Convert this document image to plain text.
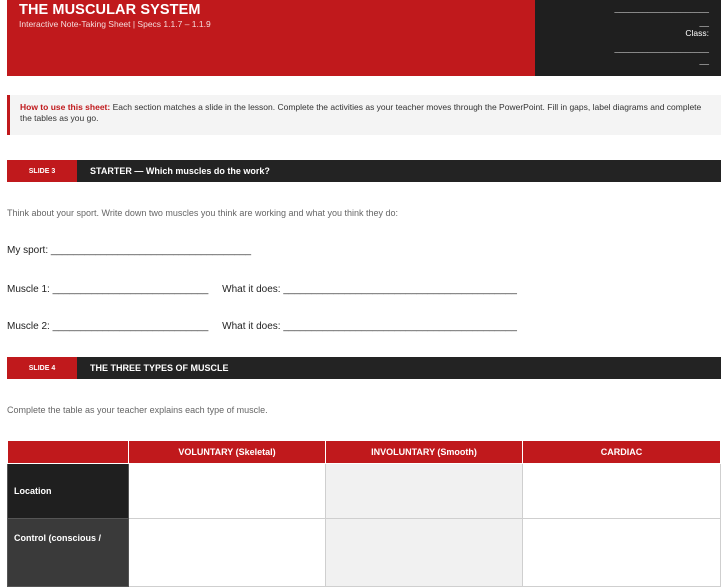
THE MUSCULAR SYSTEM
Interactive Note-Taking Sheet | Specs 1.1.7 – 1.1.9
____________________
__
Class:
____________________
__
How to use this sheet: Each section matches a slide in the lesson. Complete the activities as your teacher moves through the PowerPoint. Fill in gaps, label diagrams and complete the tables as you go.
SLIDE 3	STARTER — Which muscles do the work?
Think about your sport. Write down two muscles you think are working and what you think they do:
My sport: ____________________________________
Muscle 1: ____________________________     What it does: __________________________________________
Muscle 2: ____________________________     What it does: __________________________________________
SLIDE 4	THE THREE TYPES OF MUSCLE
Complete the table as your teacher explains each type of muscle.
	VOLUNTARY (Skeletal)	INVOLUNTARY (Smooth)	CARDIAC
Location			
Control (conscious /			
